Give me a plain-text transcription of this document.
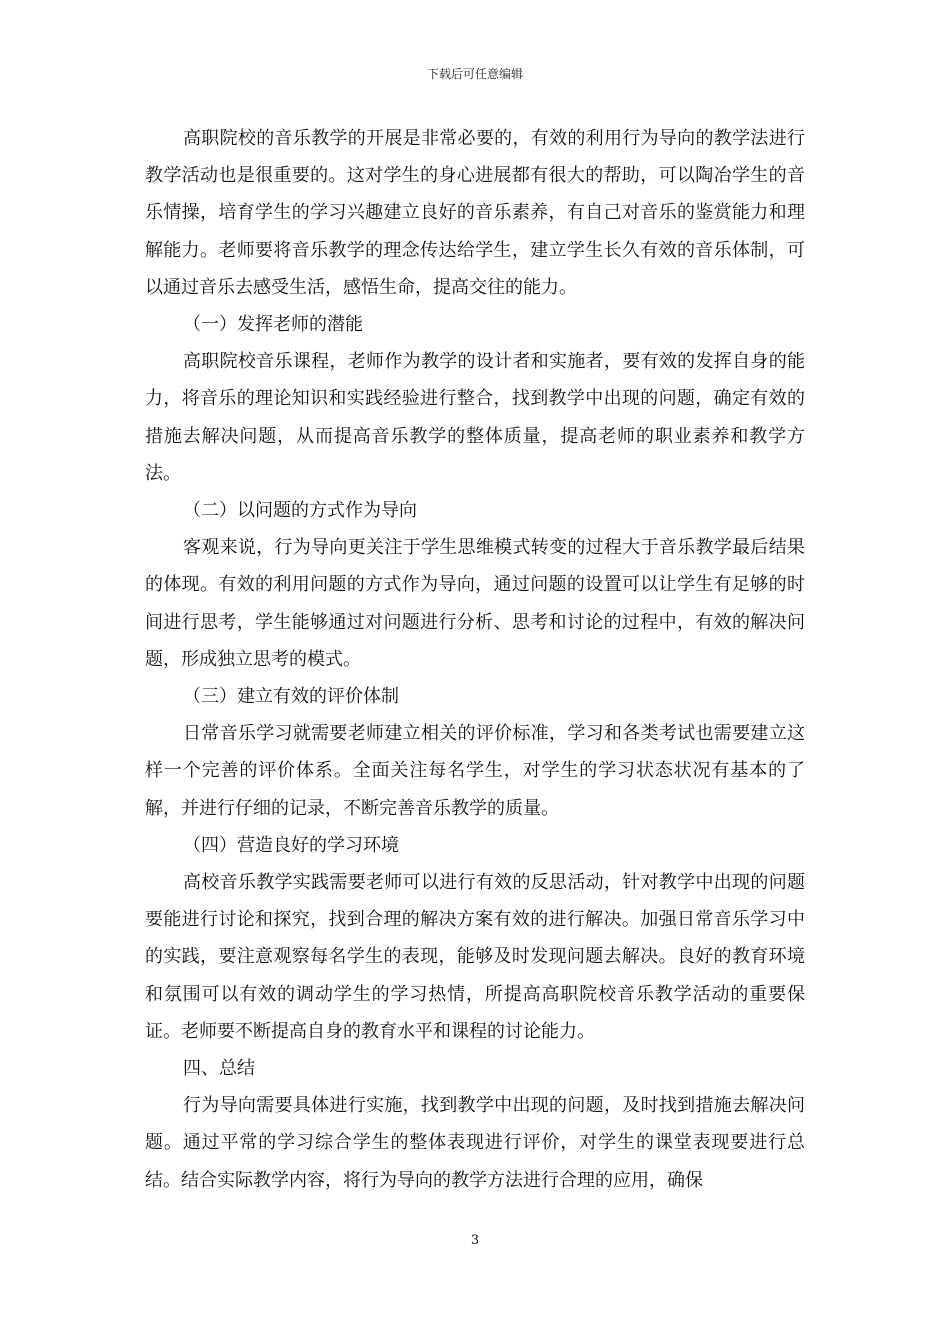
下载后可任意编辑

高职院校的音乐教学的开展是非常必要的，有效的利用行为导向的教学法进行教学活动也是很重要的。这对学生的身心进展都有很大的帮助，可以陶冶学生的音乐情操，培育学生的学习兴趣建立良好的音乐素养，有自己对音乐的鉴赏能力和理解能力。老师要将音乐教学的理念传达给学生，建立学生长久有效的音乐体制，可以通过音乐去感受生活，感悟生命，提高交往的能力。

（一）发挥老师的潜能

高职院校音乐课程，老师作为教学的设计者和实施者，要有效的发挥自身的能力，将音乐的理论知识和实践经验进行整合，找到教学中出现的问题，确定有效的措施去解决问题，从而提高音乐教学的整体质量，提高老师的职业素养和教学方法。

（二）以问题的方式作为导向

客观来说，行为导向更关注于学生思维模式转变的过程大于音乐教学最后结果的体现。有效的利用问题的方式作为导向，通过问题的设置可以让学生有足够的时间进行思考，学生能够通过对问题进行分析、思考和讨论的过程中，有效的解决问题，形成独立思考的模式。

（三）建立有效的评价体制

日常音乐学习就需要老师建立相关的评价标准，学习和各类考试也需要建立这样一个完善的评价体系。全面关注每名学生，对学生的学习状态状况有基本的了解，并进行仔细的记录，不断完善音乐教学的质量。

（四）营造良好的学习环境

高校音乐教学实践需要老师可以进行有效的反思活动，针对教学中出现的问题要能进行讨论和探究，找到合理的解决方案有效的进行解决。加强日常音乐学习中的实践，要注意观察每名学生的表现，能够及时发现问题去解决。良好的教育环境和氛围可以有效的调动学生的学习热情，所提高高职院校音乐教学活动的重要保证。老师要不断提高自身的教育水平和课程的讨论能力。

四、总结

行为导向需要具体进行实施，找到教学中出现的问题，及时找到措施去解决问题。通过平常的学习综合学生的整体表现进行评价，对学生的课堂表现要进行总结。结合实际教学内容，将行为导向的教学方法进行合理的应用，确保

3
